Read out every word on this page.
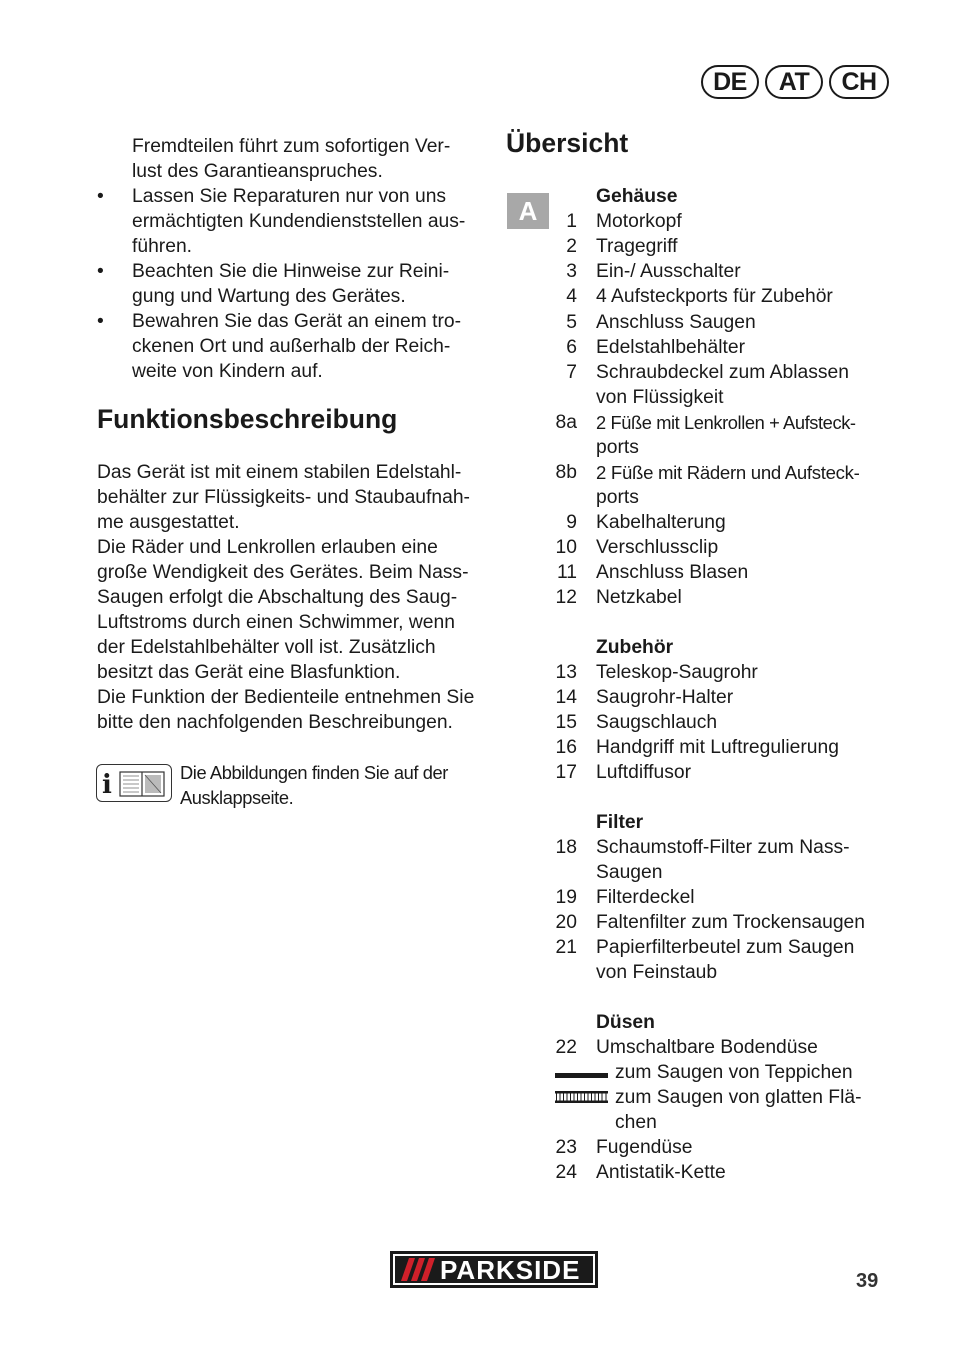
DE	AT	CH
Fremdteilen führt zum sofortigen Ver-
lust des Garantieanspruches.
• Lassen Sie Reparaturen nur von uns
ermächtigten Kundendienststellen aus-
führen.
• Beachten Sie die Hinweise zur Reini-
gung und Wartung des Gerätes.
• Bewahren Sie das Gerät an einem tro-
ckenen Ort und außerhalb der Reich-
weite von Kindern auf.
Funktionsbeschreibung
Das Gerät ist mit einem stabilen Edelstahl-
behälter zur Flüssigkeits- und Staubaufnah-
me ausgestattet.
Die Räder und Lenkrollen erlauben eine
große Wendigkeit des Gerätes. Beim Nass-
Saugen erfolgt die Abschaltung des Saug-
Luftstroms durch einen Schwimmer, wenn
der Edelstahlbehälter voll ist. Zusätzlich
besitzt das Gerät eine Blasfunktion.
Die Funktion der Bedienteile entnehmen Sie
bitte den nachfolgenden Beschreibungen.
i	Die Abbildungen finden Sie auf der
Ausklappseite.
Übersicht
A	Gehäuse
1 Motorkopf
2 Tragegriff
3 Ein-/ Ausschalter
4 4 Aufsteckports für Zubehör
5 Anschluss Saugen
6 Edelstahlbehälter
7 Schraubdeckel zum Ablassen
von Flüssigkeit
8a 2 Füße mit Lenkrollen + Aufsteck-
ports
8b 2 Füße mit Rädern und Aufsteck-
ports
9 Kabelhalterung
10 Verschlussclip
11 Anschluss Blasen
12 Netzkabel
Zubehör
13 Teleskop-Saugrohr
14 Saugrohr-Halter
15 Saugschlauch
16 Handgriff mit Luftregulierung
17 Luftdiffusor
Filter
18 Schaumstoff-Filter zum Nass-
Saugen
19 Filterdeckel
20 Faltenfilter zum Trockensaugen
21 Papierfilterbeutel zum Saugen
von Feinstaub
Düsen
22 Umschaltbare Bodendüse
zum Saugen von Teppichen
zum Saugen von glatten Flä-
chen
23 Fugendüse
24 Antistatik-Kette
PARKSIDE	39
